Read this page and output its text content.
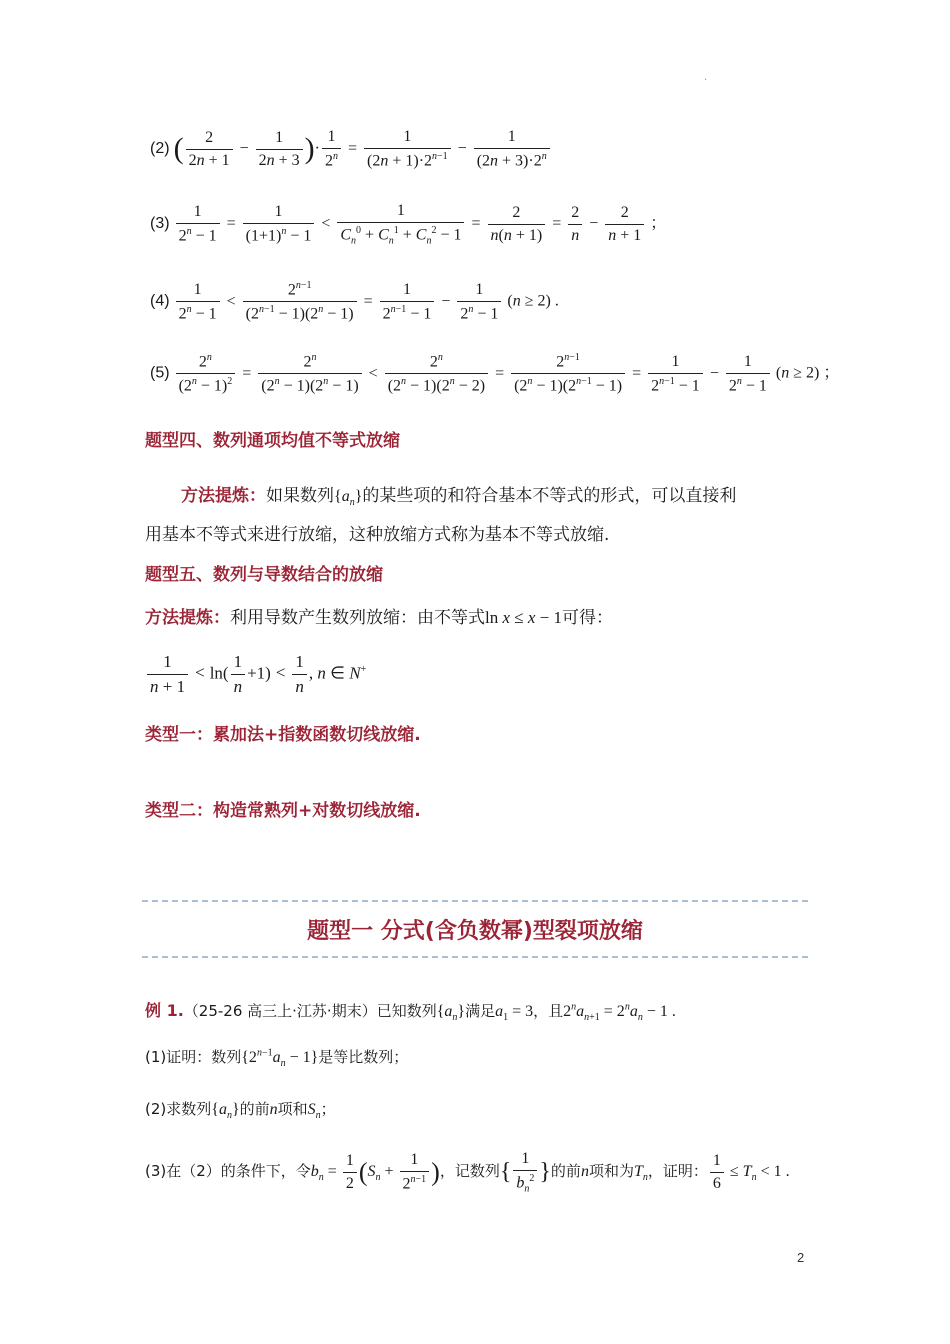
.
(2) ( $\frac{2}{2n + 1} - \frac{1}{2n + 3}$ )· $\frac{1}{2^n} = \frac{1}{(2n + 1)\cdot 2^{n-1}} - \frac{1}{(2n + 3)\cdot 2^n}$
$(3) \frac{1}{2^n - 1} = \frac{1}{(1+1)^n - 1} < \frac{1}{C_n^0 + C_n^1 + C_n^2 - 1} = \frac{2}{n(n + 1)} = \frac{2}{n} - \frac{2}{n + 1}$ ；
$(4) \frac{1}{2^n - 1} < \frac{2^{n-1}}{(2^{n-1} - 1)(2^n - 1)} = \frac{1}{2^{n-1} - 1} - \frac{1}{2^n - 1} (n \ge 2)$ .
$(5) \frac{2^n}{(2^n - 1)^2} = \frac{2^n}{(2^n - 1)(2^n - 1)} < \frac{2^n}{(2^n - 1)(2^n - 2)} = \frac{2^{n-1}}{(2^n - 1)(2^{n-1} - 1)} = \frac{1}{2^{n-1} - 1} - \frac{1}{2^n - 1} (n \ge 2)$ ；
题型四、数列通项均值不等式放缩
方法提炼：如果数列$\{a_n\}$的某些项的和符合基本不等式的形式，可以直接利
用基本不等式来进行放缩，这种放缩方式称为基本不等式放缩.
题型五、数列与导数结合的放缩
方法提炼：利用导数产生数列放缩：由不等式ln x ≤ x − 1可得：
$\frac{1}{n + 1} < \ln( \frac{1}{n} +1) < \frac{1}{n}$ , n ∈ N+
类型一：累加法+指数函数切线放缩.
类型二：构造常熟列+对数切线放缩.
题型一 分式(含负数幂)型裂项放缩
例 1.（25-26 高三上·江苏·期末）已知数列$\{a_n\}$满足$a_1 = 3$，且$2^na_{n+1} = 2^na_n - 1$ .
(1)证明：数列$\{2^{n-1}a_n - 1\}$是等比数列；
(2)求数列$\{a_n\}$的前n项和$S_n$；
(3)在（2）的条件下，令$b_n = \frac{1}{2} (S_n + \frac{1}{2^{n-1}}$ )，记数列{ $\frac{1}{b_n^2}$ }的前n项和为$T_n$，证明： $\frac{1}{6} \le T_n < 1$ .
2
